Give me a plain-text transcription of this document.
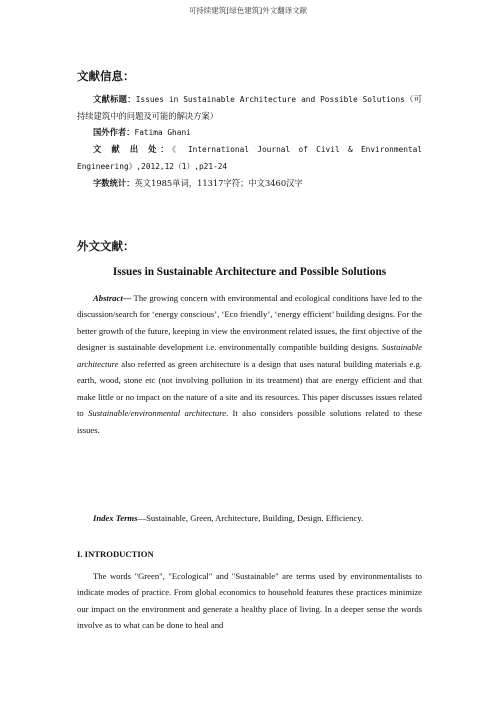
可持续建筑[绿色建筑]外文翻译文献
文献信息：

文献标题：Issues in Sustainable Architecture and Possible Solutions（可持续建筑中的问题及可能的解决方案）

国外作者：Fatima Ghani

文 献 出 处：《 International Journal of Civil & Environmental Engineering》,2012,12（1）,p21-24

字数统计：英文1985单词，11317字符；中文3460汉字

外文文献：
Issues in Sustainable Architecture and Possible Solutions

Abstract— The growing concern with environmental and ecological conditions have led to the discussion/search for ‘energy conscious’, ‘Eco friendly’, ‘energy efficient’ building designs. For the better growth of the future, keeping in view the environment related issues, the first objective of the designer is sustainable development i.e. environmentally compatible building designs. Sustainable architecture also referred as green architecture is a design that uses natural building materials e.g. earth, wood, stone etc (not involving pollution in its treatment) that are energy efficient and that make little or no impact on the nature of a site and its resources. This paper discusses issues related to Sustainable/environmental architecture. It also considers possible solutions related to these issues.

Index Terms—Sustainable, Green, Architecture, Building, Design. Efficiency.

I. INTRODUCTION

The words "Green", "Ecological" and "Sustainable" are terms used by environmentalists to indicate modes of practice. From global economics to household features these practices minimize our impact on the environment and generate a healthy place of living. In a deeper sense the words involve as to what can be done to heal and
